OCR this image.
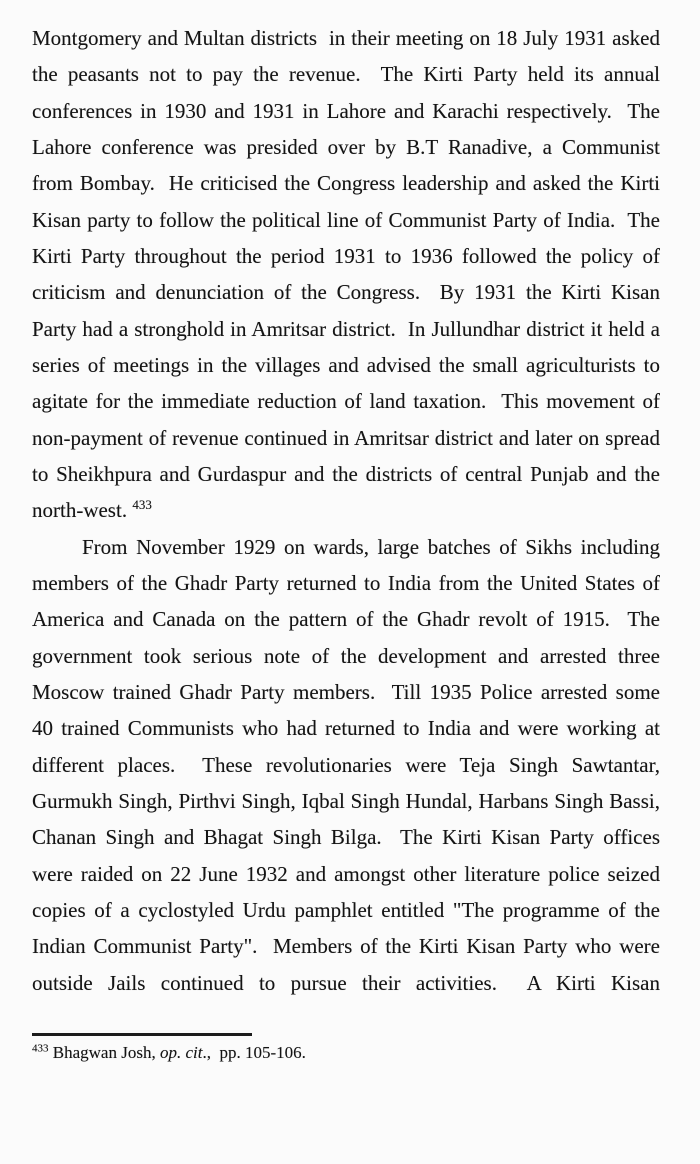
Montgomery and Multan districts  in their meeting on 18 July 1931 asked
the peasants not to pay the revenue.  The Kirti Party held its annual
conferences in 1930 and 1931 in Lahore and Karachi respectively.  The
Lahore conference was presided over by B.T Ranadive, a Communist
from Bombay.  He criticised the Congress leadership and asked the Kirti
Kisan party to follow the political line of Communist Party of India.  The
Kirti Party throughout the period 1931 to 1936 followed the policy of
criticism and denunciation of the Congress.  By 1931 the Kirti Kisan
Party had a stronghold in Amritsar district.  In Jullundhar district it held a
series of meetings in the villages and advised the small agriculturists to
agitate for the immediate reduction of land taxation.  This movement of
non-payment of revenue continued in Amritsar district and later on spread
to Sheikhpura and Gurdaspur and the districts of central Punjab and the
north-west. $^{433}$
From November 1929 on wards, large batches of Sikhs including
members of the Ghadr Party returned to India from the United States of
America and Canada on the pattern of the Ghadr revolt of 1915.  The
government took serious note of the development and arrested three
Moscow trained Ghadr Party members.  Till 1935 Police arrested some
40 trained Communists who had returned to India and were working at
different places.  These revolutionaries were Teja Singh Sawtantar,
Gurmukh Singh, Pirthvi Singh, Iqbal Singh Hundal, Harbans Singh Bassi,
Chanan Singh and Bhagat Singh Bilga.  The Kirti Kisan Party offices
were raided on 22 June 1932 and amongst other literature police seized
copies of a cyclostyled Urdu pamphlet entitled "The programme of the
Indian Communist Party".  Members of the Kirti Kisan Party who were
outside Jails continued to pursue their activities.  A Kirti Kisan
$^{433}$ Bhagwan Josh, op. cit.,  pp. 105-106.
